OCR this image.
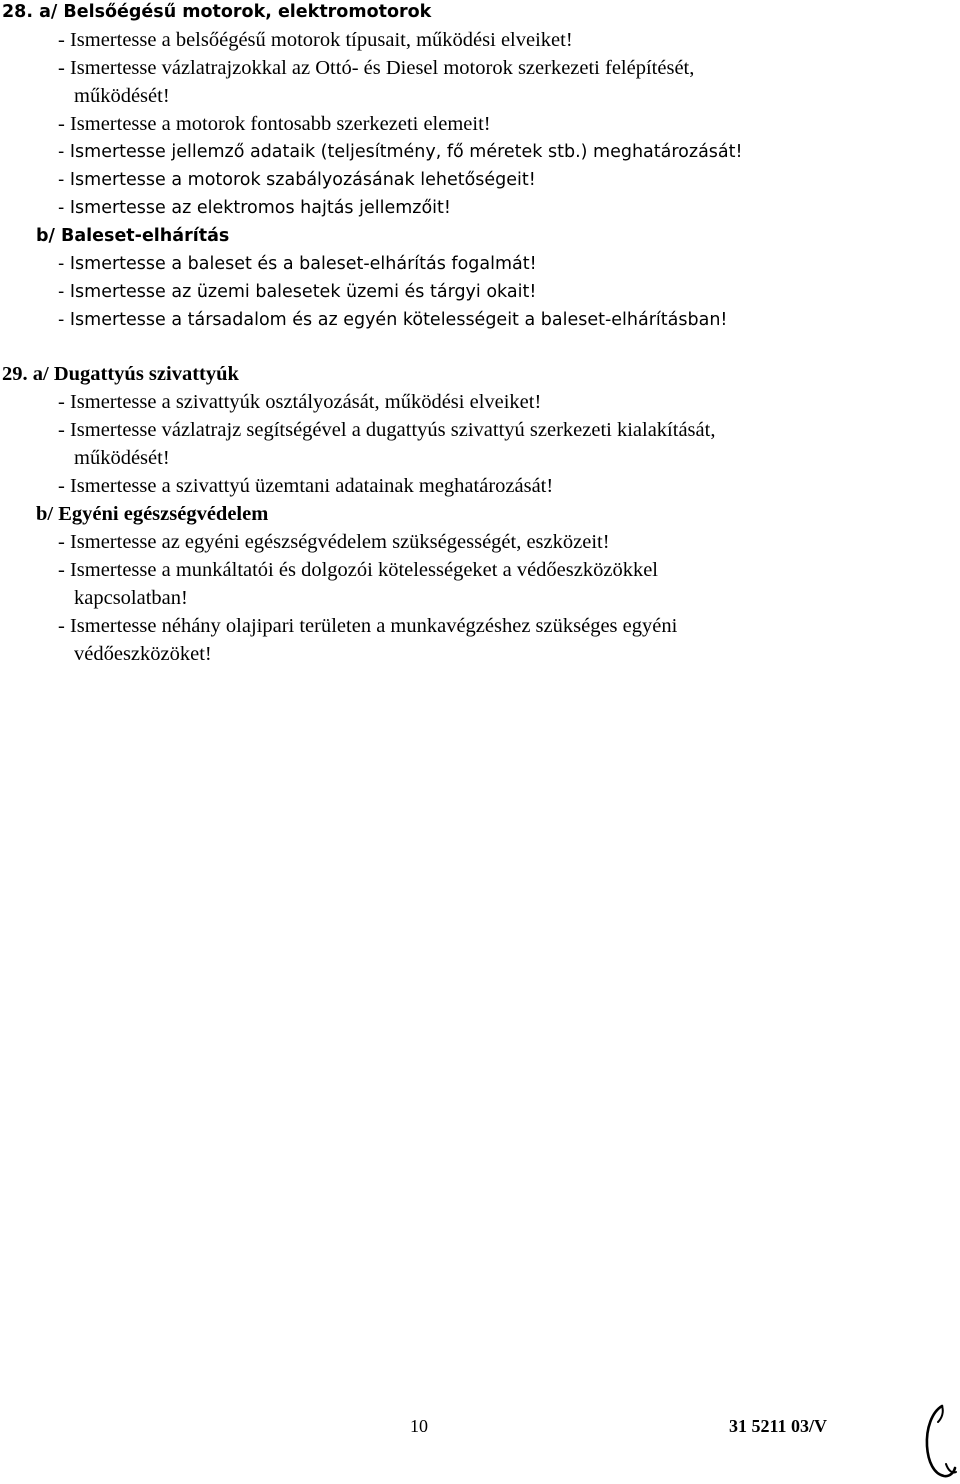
28. a/ Belsőégésű motorok, elektromotorok
- Ismertesse a belsőégésű motorok típusait, működési elveiket!
- Ismertesse vázlatrajzokkal az Ottó- és Diesel motorok szerkezeti felépítését,
működését!
- Ismertesse a motorok fontosabb szerkezeti elemeit!
- Ismertesse jellemző adataik (teljesítmény, fő méretek stb.) meghatározását!
- Ismertesse a motorok szabályozásának lehetőségeit!
- Ismertesse az elektromos hajtás jellemzőit!
b/ Baleset-elhárítás
- Ismertesse a baleset és a baleset-elhárítás fogalmát!
- Ismertesse az üzemi balesetek üzemi és tárgyi okait!
- Ismertesse a társadalom és az egyén kötelességeit a baleset-elhárításban!
29. a/ Dugattyús szivattyúk
- Ismertesse a szivattyúk osztályozását, működési elveiket!
- Ismertesse vázlatrajz segítségével a dugattyús szivattyú szerkezeti kialakítását,
működését!
- Ismertesse a szivattyú üzemtani adatainak meghatározását!
b/ Egyéni egészségvédelem
- Ismertesse az egyéni egészségvédelem szükségességét, eszközeit!
- Ismertesse a munkáltatói és dolgozói kötelességeket a védőeszközökkel
kapcsolatban!
- Ismertesse néhány olajipari területen a munkavégzéshez szükséges egyéni
védőeszközöket!
10	31 5211 03/V
